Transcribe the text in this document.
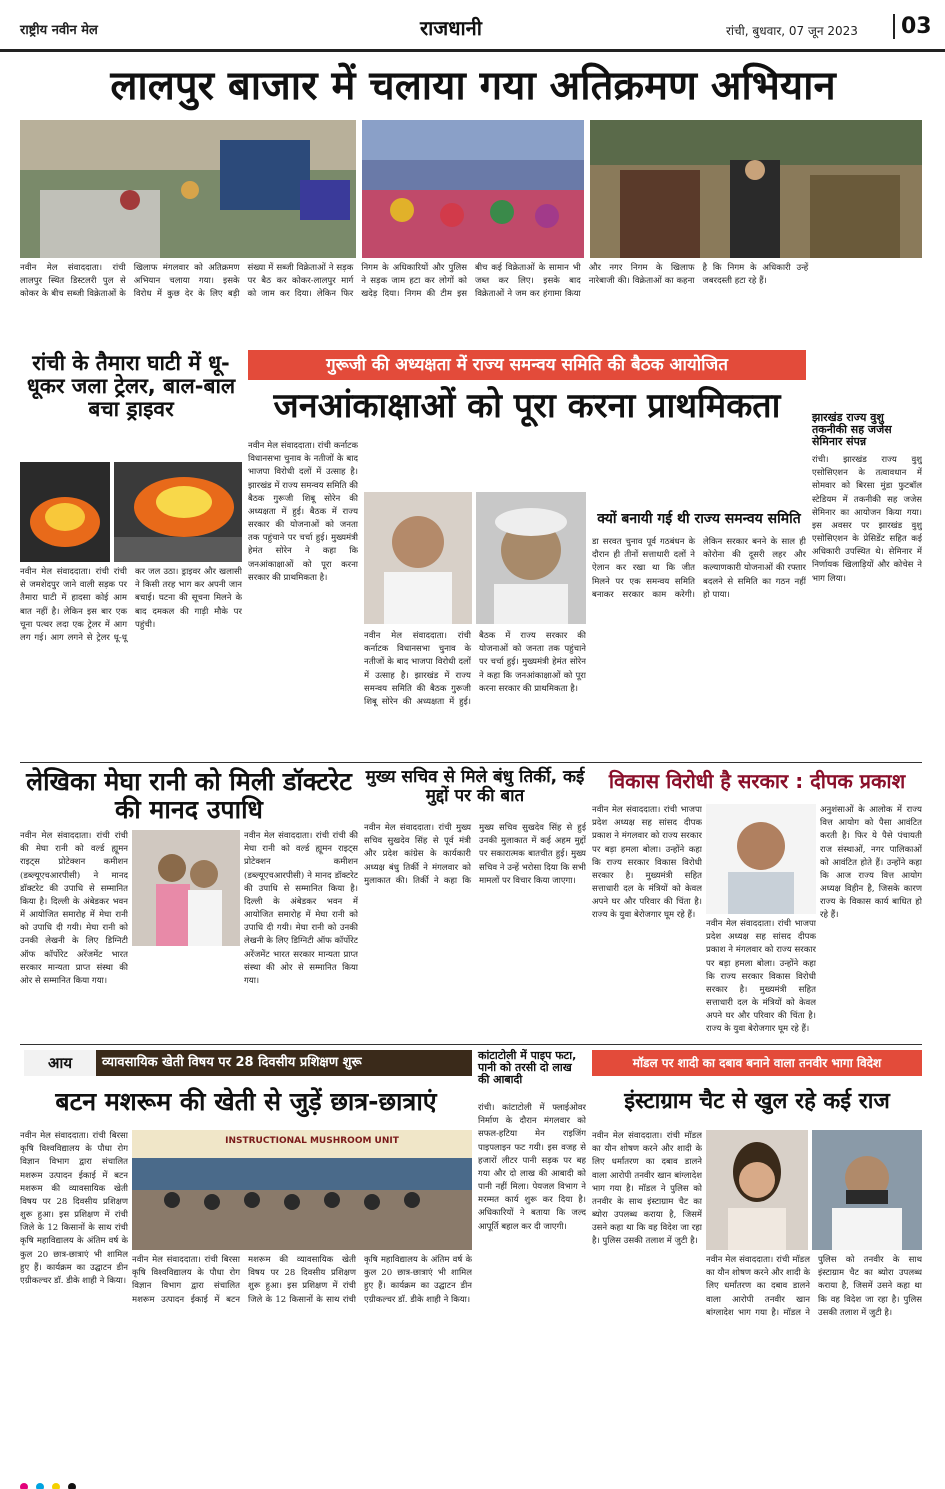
राष्ट्रीय नवीन मेल	राजधानी	रांची, बुधवार, 07 जून 2023	03
लालपुर बाजार में चलाया गया अतिक्रमण अभियान
नवीन मेल संवाददाता। रांची लालपुर स्थित डिस्टलरी पुल से कोकर के बीच सब्जी विक्रेताओं के खिलाफ मंगलवार को अतिक्रमण अभियान चलाया गया। इसके विरोध में कुछ देर के लिए बड़ी संख्या में सब्जी विक्रेताओं ने सड़क पर बैठ कर कोकर-लालपुर मार्ग को जाम कर दिया। लेकिन फिर निगम के अधिकारियों और पुलिस ने सड़क जाम हटा कर लोगों को खदेड़ दिया। निगम की टीम इस बीच कई विक्रेताओं के सामान भी जब्त कर लिए। इसके बाद विक्रेताओं ने जम कर हंगामा किया और नगर निगम के खिलाफ नारेबाजी की। विक्रेताओं का कहना है कि निगम के अधिकारी उन्हें जबरदस्ती हटा रहे हैं।
गुरूजी की अध्यक्षता में राज्य समन्वय समिति की बैठक आयोजित
रांची के तैमारा घाटी में धू-धूकर जला ट्रेलर, बाल-बाल बचा ड्राइवर
नवीन मेल संवाददाता। रांची रांची से जमशेदपुर जाने वाली सड़क पर तैमारा घाटी में हादसा कोई आम बात नहीं है। लेकिन इस बार एक चूना पत्थर लदा एक ट्रेलर में आग लग गई। आग लगने से ट्रेलर धू-धू कर जल उठा। ड्राइवर और खलासी ने किसी तरह भाग कर अपनी जान बचाई। घटना की सूचना मिलने के बाद दमकल की गाड़ी मौके पर पहुंची।
जनआंकाक्षाओं को पूरा करना प्राथमिकता
नवीन मेल संवाददाता। रांची कर्नाटक विधानसभा चुनाव के नतीजों के बाद भाजपा विरोधी दलों में उत्साह है। झारखंड में राज्य समन्वय समिति की बैठक गुरूजी शिबू सोरेन की अध्यक्षता में हुई। बैठक में राज्य सरकार की योजनाओं को जनता तक पहुंचाने पर चर्चा हुई। मुख्यमंत्री हेमंत सोरेन ने कहा कि जनआंकाक्षाओं को पूरा करना सरकार की प्राथमिकता है।
नवीन मेल संवाददाता। रांची कर्नाटक विधानसभा चुनाव के नतीजों के बाद भाजपा विरोधी दलों में उत्साह है। झारखंड में राज्य समन्वय समिति की बैठक गुरूजी शिबू सोरेन की अध्यक्षता में हुई। बैठक में राज्य सरकार की योजनाओं को जनता तक पहुंचाने पर चर्चा हुई। मुख्यमंत्री हेमंत सोरेन ने कहा कि जनआंकाक्षाओं को पूरा करना सरकार की प्राथमिकता है।
क्यों बनायी गई थी राज्य समन्वय समिति
डा सरवत चुनाव पूर्व गठबंधन के दौरान ही तीनों सत्ताधारी दलों ने ऐलान कर रखा था कि जीत मिलने पर एक समन्वय समिति बनाकर सरकार काम करेगी। लेकिन सरकार बनने के साल ही कोरोना की दूसरी लहर और कल्याणकारी योजनाओं की रफ्तार बदलने से समिति का गठन नहीं हो पाया।
झारखंड राज्य वुशु तकनीकी सह जजेस सेमिनार संपन्न
रांची। झारखंड राज्य वुशु एसोसिएशन के तत्वावधान में सोमवार को बिरसा मुंडा फुटबॉल स्टेडियम में तकनीकी सह जजेस सेमिनार का आयोजन किया गया। इस अवसर पर झारखंड वुशु एसोसिएशन के प्रेसिडेंट सहित कई अधिकारी उपस्थित थे। सेमिनार में निर्णायक खिलाड़ियों और कोचेस ने भाग लिया।
लेखिका मेघा रानी को मिली डॉक्टरेट की मानद उपाधि
नवीन मेल संवाददाता। रांची रांची की मेघा रानी को वर्ल्ड ह्यूमन राइट्स प्रोटेक्शन कमीशन (डब्ल्यूएचआरपीसी) ने मानद डॉक्टरेट की उपाधि से सम्मानित किया है। दिल्ली के अंबेडकर भवन में आयोजित समारोह में मेघा रानी को उपाधि दी गयी। मेघा रानी को उनकी लेखनी के लिए डिग्निटी ऑफ कॉर्पोरेट अरेंजमेंट भारत सरकार मान्यता प्राप्त संस्था की ओर से सम्मानित किया गया।
नवीन मेल संवाददाता। रांची रांची की मेघा रानी को वर्ल्ड ह्यूमन राइट्स प्रोटेक्शन कमीशन (डब्ल्यूएचआरपीसी) ने मानद डॉक्टरेट की उपाधि से सम्मानित किया है। दिल्ली के अंबेडकर भवन में आयोजित समारोह में मेघा रानी को उपाधि दी गयी। मेघा रानी को उनकी लेखनी के लिए डिग्निटी ऑफ कॉर्पोरेट अरेंजमेंट भारत सरकार मान्यता प्राप्त संस्था की ओर से सम्मानित किया गया।
मुख्य सचिव से मिले बंधु तिर्की, कई मुद्दों पर की बात
नवीन मेल संवाददाता। रांची मुख्य सचिव सुखदेव सिंह से पूर्व मंत्री और प्रदेश कांग्रेस के कार्यकारी अध्यक्ष बंधु तिर्की ने मंगलवार को मुलाकात की। तिर्की ने कहा कि मुख्य सचिव सुखदेव सिंह से हुई उनकी मुलाकात में कई अहम मुद्दों पर सकारात्मक बातचीत हुई। मुख्य सचिव ने उन्हें भरोसा दिया कि सभी मामलों पर विचार किया जाएगा।
विकास विरोधी है सरकार : दीपक प्रकाश
नवीन मेल संवाददाता। रांची भाजपा प्रदेश अध्यक्ष सह सांसद दीपक प्रकाश ने मंगलवार को राज्य सरकार पर बड़ा हमला बोला। उन्होंने कहा कि राज्य सरकार विकास विरोधी सरकार है। मुख्यमंत्री सहित सत्ताधारी दल के मंत्रियों को केवल अपने घर और परिवार की चिंता है। राज्य के युवा बेरोजगार घूम रहे हैं।
नवीन मेल संवाददाता। रांची भाजपा प्रदेश अध्यक्ष सह सांसद दीपक प्रकाश ने मंगलवार को राज्य सरकार पर बड़ा हमला बोला। उन्होंने कहा कि राज्य सरकार विकास विरोधी सरकार है। मुख्यमंत्री सहित सत्ताधारी दल के मंत्रियों को केवल अपने घर और परिवार की चिंता है। राज्य के युवा बेरोजगार घूम रहे हैं।
अनुशंसाओं के आलोक में राज्य वित्त आयोग को पैसा आवंटित करती है। फिर ये पैसे पंचायती राज संस्थाओं, नगर पालिकाओं को आवंटित होते हैं। उन्होंने कहा कि आज राज्य वित्त आयोग अध्यक्ष विहीन है, जिसके कारण राज्य के विकास कार्य बाधित हो रहे हैं।
आय	व्यावसायिक खेती विषय पर 28 दिवसीय प्रशिक्षण शुरू
बटन मशरूम की खेती से जुड़ें छात्र-छात्राएं
नवीन मेल संवाददाता। रांची बिरसा कृषि विश्वविद्यालय के पौधा रोग विज्ञान विभाग द्वारा संचालित मशरूम उत्पादन ईकाई में बटन मशरूम की व्यावसायिक खेती विषय पर 28 दिवसीय प्रशिक्षण शुरू हुआ। इस प्रशिक्षण में रांची जिले के 12 किसानों के साथ रांची कृषि महाविद्यालय के अंतिम वर्ष के कुल 20 छात्र-छात्राएं भी शामिल हुए हैं। कार्यक्रम का उद्घाटन डीन एग्रीकल्चर डॉ. डीके शाही ने किया।
INSTRUCTIONAL MUSHROOM UNIT
नवीन मेल संवाददाता। रांची बिरसा कृषि विश्वविद्यालय के पौधा रोग विज्ञान विभाग द्वारा संचालित मशरूम उत्पादन ईकाई में बटन मशरूम की व्यावसायिक खेती विषय पर 28 दिवसीय प्रशिक्षण शुरू हुआ। इस प्रशिक्षण में रांची जिले के 12 किसानों के साथ रांची कृषि महाविद्यालय के अंतिम वर्ष के कुल 20 छात्र-छात्राएं भी शामिल हुए हैं। कार्यक्रम का उद्घाटन डीन एग्रीकल्चर डॉ. डीके शाही ने किया।
कांटाटोली में पाइप फटा, पानी को तरसी दो लाख की आबादी
रांची। कांटाटोली में फ्लाईओवर निर्माण के दौरान मंगलवार को सफल-हटिया मेन राइजिंग पाइपलाइन फट गयी। इस वजह से हजारों लीटर पानी सड़क पर बह गया और दो लाख की आबादी को पानी नहीं मिला। पेयजल विभाग ने मरम्मत कार्य शुरू कर दिया है। अधिकारियों ने बताया कि जल्द आपूर्ति बहाल कर दी जाएगी।
मॉडल पर शादी का दबाव बनाने वाला तनवीर भागा विदेश
इंस्टाग्राम चैट से खुल रहे कई राज
नवीन मेल संवाददाता। रांची मॉडल का यौन शोषण करने और शादी के लिए धर्मांतरण का दबाव डालने वाला आरोपी तनवीर खान बांग्लादेश भाग गया है। मॉडल ने पुलिस को तनवीर के साथ इंस्टाग्राम चैट का ब्योरा उपलब्ध कराया है, जिसमें उसने कहा था कि वह विदेश जा रहा है। पुलिस उसकी तलाश में जुटी है।
नवीन मेल संवाददाता। रांची मॉडल का यौन शोषण करने और शादी के लिए धर्मांतरण का दबाव डालने वाला आरोपी तनवीर खान बांग्लादेश भाग गया है। मॉडल ने पुलिस को तनवीर के साथ इंस्टाग्राम चैट का ब्योरा उपलब्ध कराया है, जिसमें उसने कहा था कि वह विदेश जा रहा है। पुलिस उसकी तलाश में जुटी है।
